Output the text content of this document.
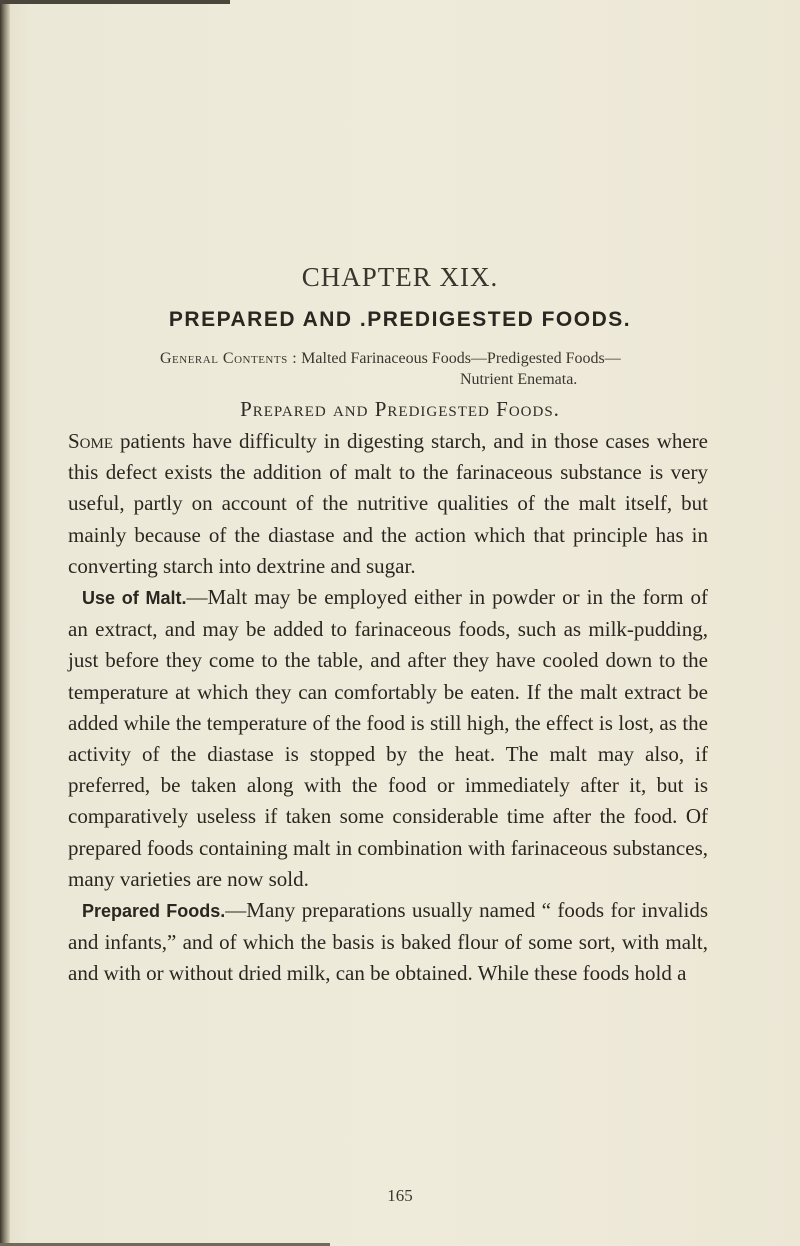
CHAPTER XIX.
PREPARED AND .PREDIGESTED FOODS.
General Contents : Malted Farinaceous Foods—Predigested Foods—
Nutrient Enemata.
Prepared and Predigested Foods.

Some patients have difficulty in digesting starch, and in those cases where this defect exists the addition of malt to the farinaceous substance is very useful, partly on account of the nutritive qualities of the malt itself, but mainly because of the diastase and the action which that principle has in converting starch into dextrine and sugar.

Use of Malt.—Malt may be employed either in powder or in the form of an extract, and may be added to farinaceous foods, such as milk-pudding, just before they come to the table, and after they have cooled down to the temperature at which they can comfortably be eaten. If the malt extract be added while the temperature of the food is still high, the effect is lost, as the activity of the diastase is stopped by the heat. The malt may also, if preferred, be taken along with the food or immediately after it, but is comparatively useless if taken some considerable time after the food. Of prepared foods containing malt in combination with farinaceous substances, many varieties are now sold.

Prepared Foods.—Many preparations usually named “ foods for invalids and infants,” and of which the basis is baked flour of some sort, with malt, and with or without dried milk, can be obtained. While these foods hold a

165
